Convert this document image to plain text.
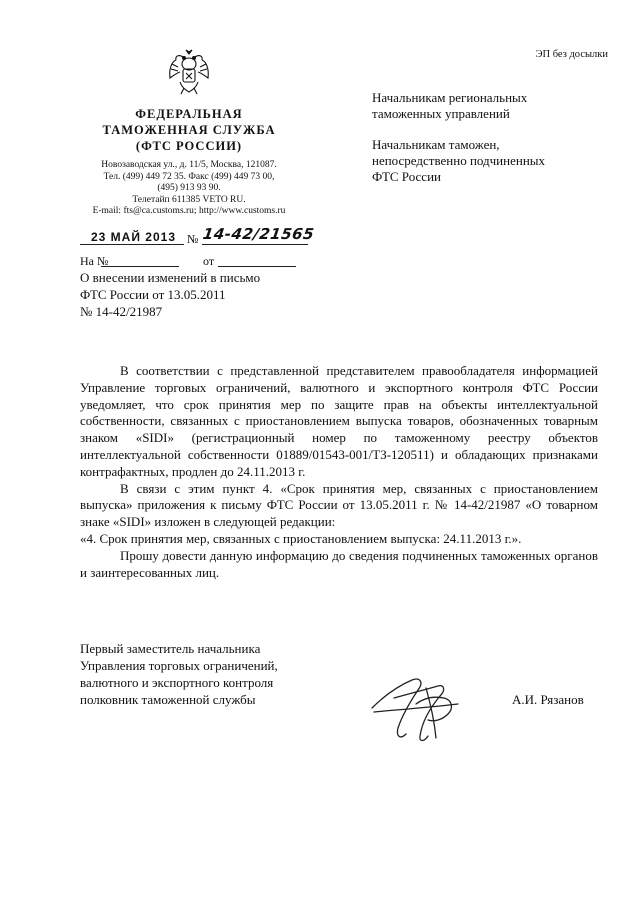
ЭП без досылки
ФЕДЕРАЛЬНАЯ
ТАМОЖЕННАЯ СЛУЖБА
(ФТС РОССИИ)
Новозаводская ул., д. 11/5, Москва, 121087.
Тел. (499) 449 72 35. Факс (499) 449 73 00,
(495) 913 93 90.
Телетайп 611385 VETO RU.
E-mail: fts@ca.customs.ru; http://www.customs.ru
23 МАЙ 2013 № 14-42/21565
На №	от
О внесении изменений в письмо
ФТС России от 13.05.2011
№ 14-42/21987

Начальникам региональных
таможенных управлений

Начальникам таможен,
непосредственно подчиненных
ФТС России

В соответствии с представленной представителем правообладателя информацией Управление торговых ограничений, валютного и экспортного контроля ФТС России уведомляет, что срок принятия мер по защите прав на объекты интеллектуальной собственности, связанных с приостановлением выпуска товаров, обозначенных товарным знаком «SIDI» (регистрационный номер по таможенному реестру объектов интеллектуальной собственности 01889/01543-001/ТЗ-120511) и обладающих признаками контрафактных, продлен до 24.11.2013 г.

В связи с этим пункт 4. «Срок принятия мер, связанных с приостановлением выпуска» приложения к письму ФТС России от 13.05.2011 г. № 14-42/21987 «О товарном знаке «SIDI» изложен в следующей редакции:

«4. Срок принятия мер, связанных с приостановлением выпуска: 24.11.2013 г.».

Прошу довести данную информацию до сведения подчиненных таможенных органов и заинтересованных лиц.

Первый заместитель начальника
Управления торговых ограничений,
валютного и экспортного контроля
полковник таможенной службы	А.И. Рязанов
